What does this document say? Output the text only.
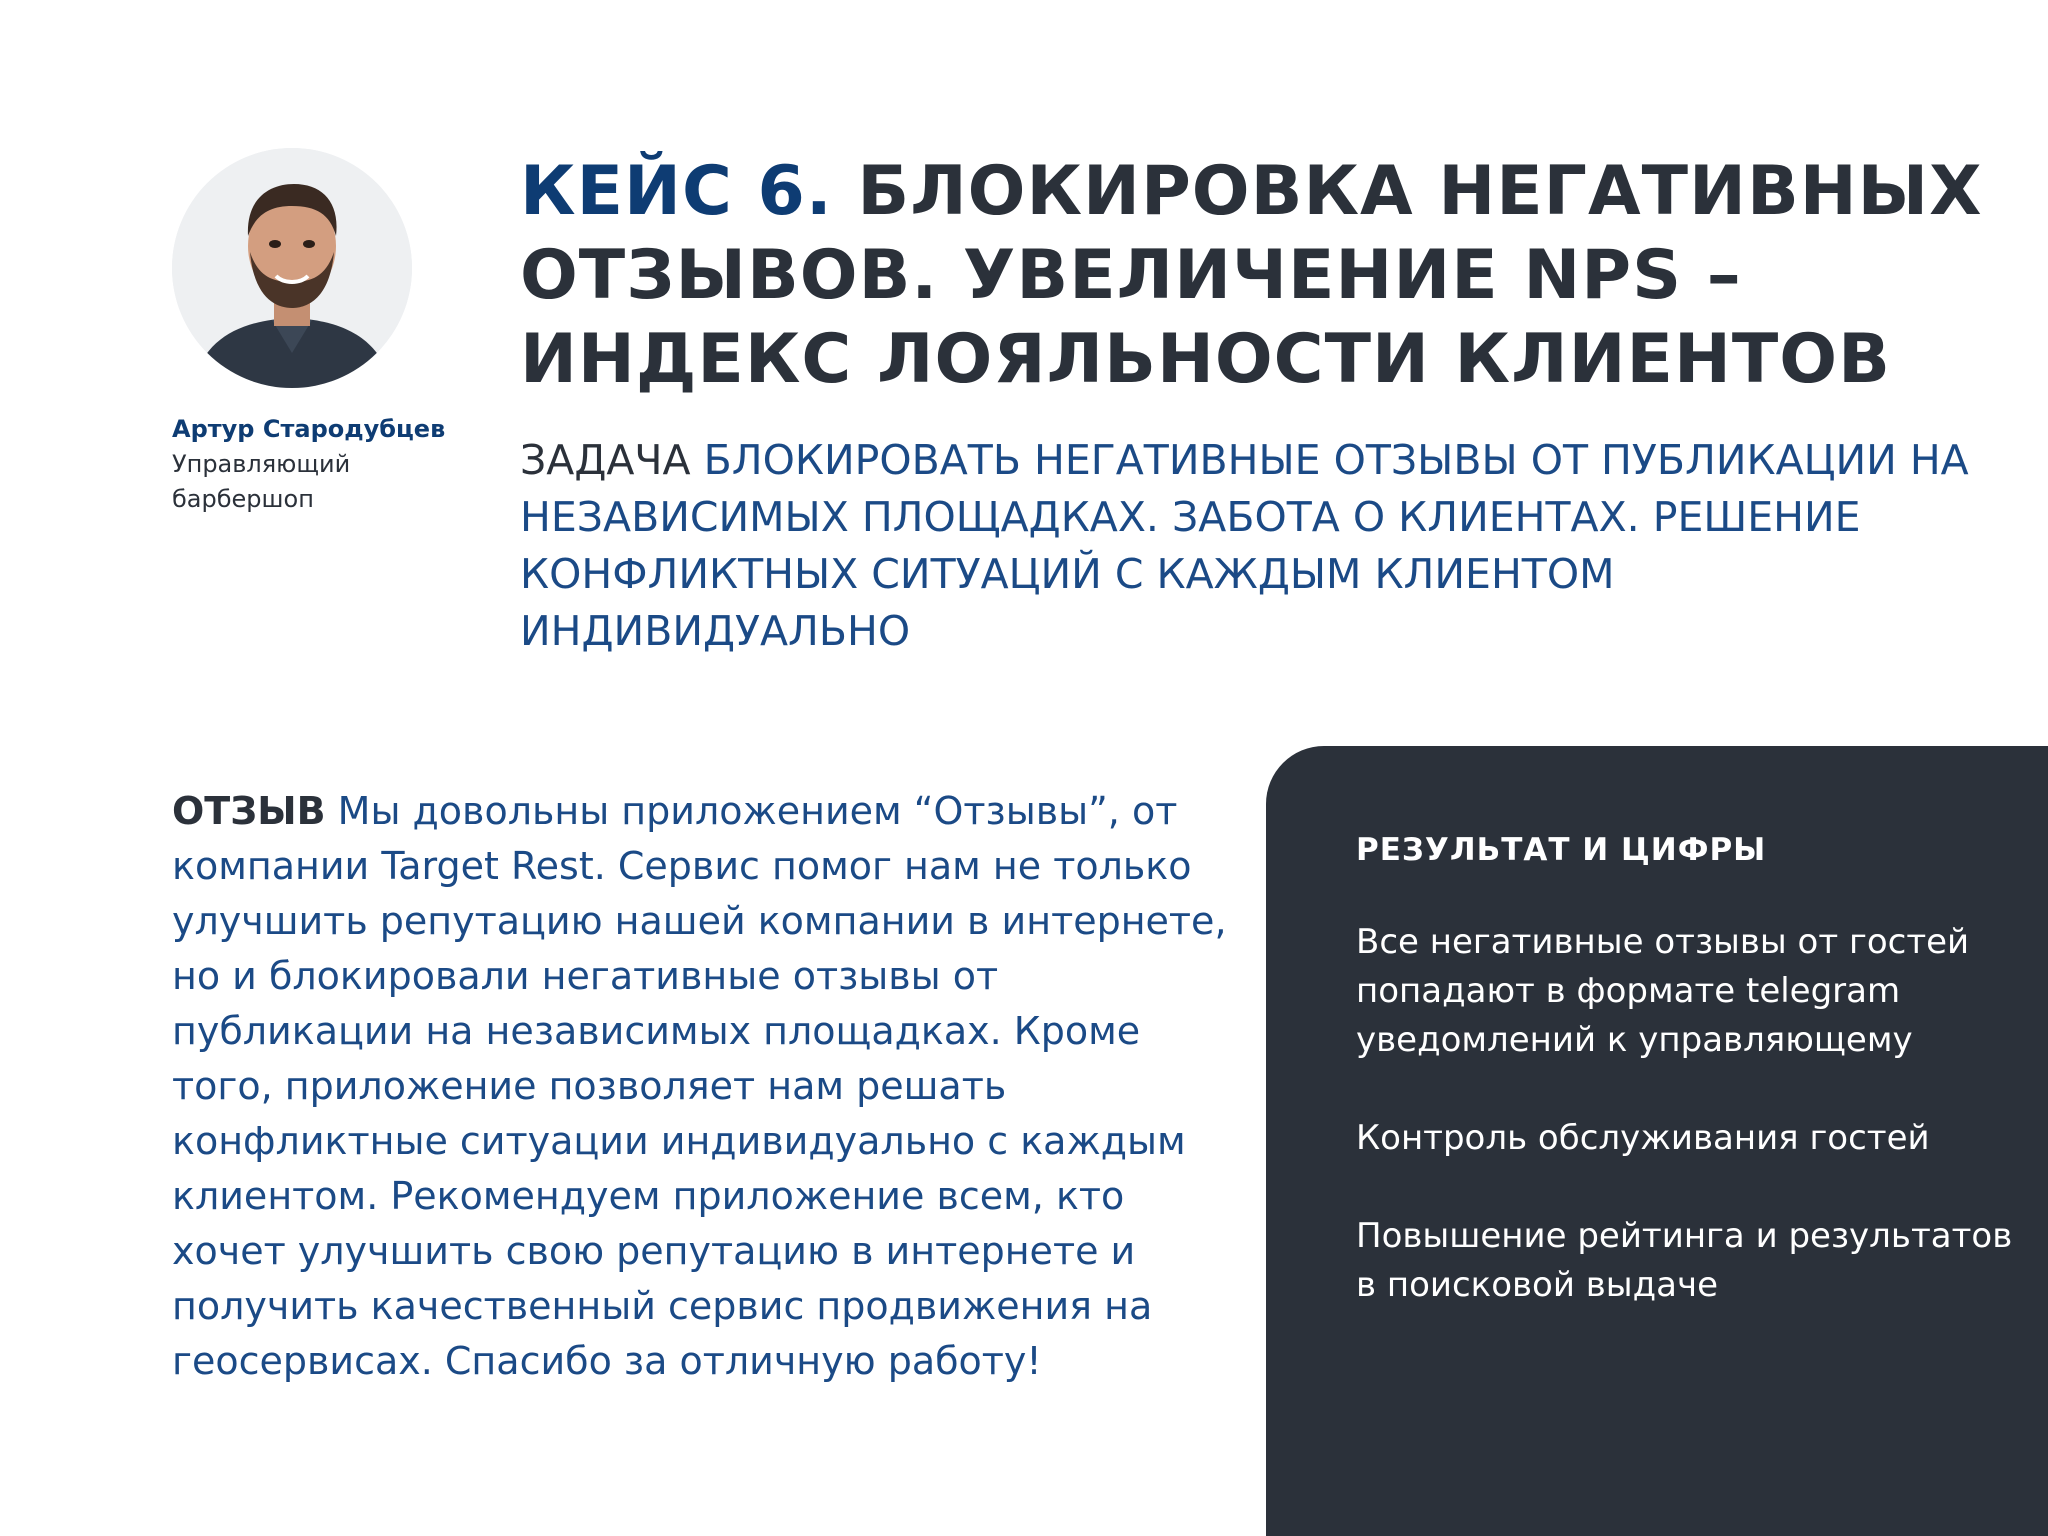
Артур Стародубцев
Управляющий
барбершоп
КЕЙС 6. БЛОКИРОВКА НЕГАТИВНЫХ ОТЗЫВОВ. УВЕЛИЧЕНИЕ NPS – ИНДЕКС ЛОЯЛЬНОСТИ КЛИЕНТОВ

ЗАДАЧА БЛОКИРОВАТЬ НЕГАТИВНЫЕ ОТЗЫВЫ ОТ ПУБЛИКАЦИИ НА НЕЗАВИСИМЫХ ПЛОЩАДКАХ. ЗАБОТА О КЛИЕНТАХ. РЕШЕНИЕ КОНФЛИКТНЫХ СИТУАЦИЙ С КАЖДЫМ КЛИЕНТОМ ИНДИВИДУАЛЬНО

ОТЗЫВ Мы довольны приложением “Отзывы”, от компании Target Rest. Сервис помог нам не только улучшить репутацию нашей компании в интернете, но и блокировали негативные отзывы от публикации на независимых площадках. Кроме того, приложение позволяет нам решать конфликтные ситуации индивидуально с каждым клиентом. Рекомендуем приложение всем, кто хочет улучшить свою репутацию в интернете и получить качественный сервис продвижения на геосервисах. Спасибо за отличную работу!

РЕЗУЛЬТАТ И ЦИФРЫ
Все негативные отзывы от гостей попадают в формате telegram уведомлений к управляющему
Контроль обслуживания гостей
Повышение рейтинга и результатов в поисковой выдаче
